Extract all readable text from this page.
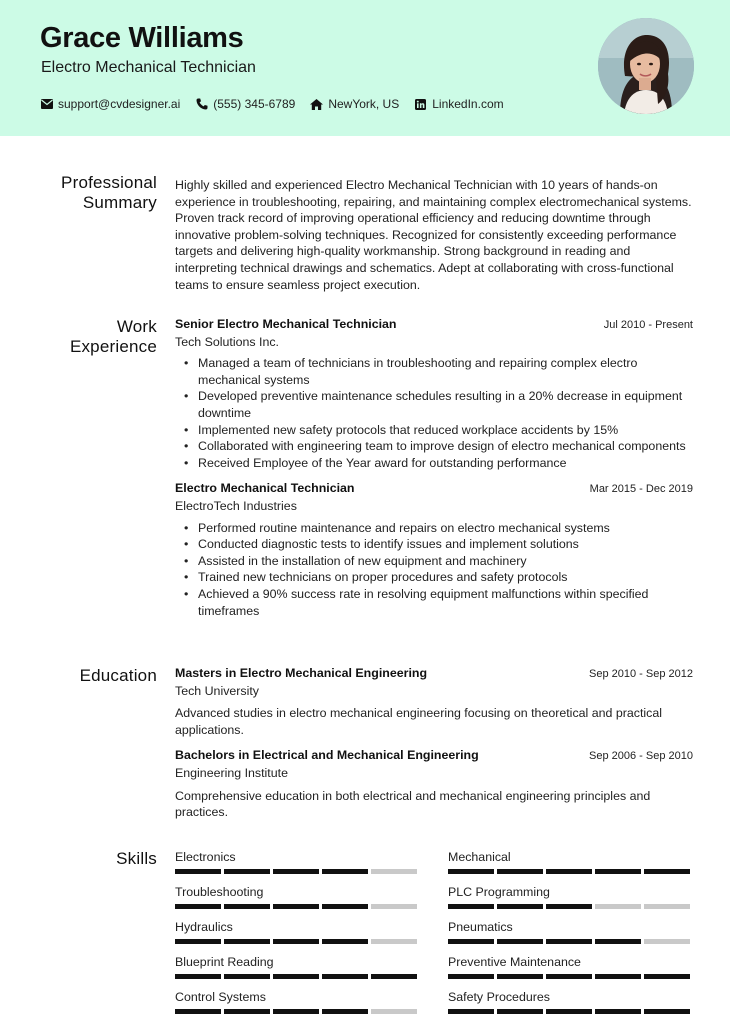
Grace Williams
Electro Mechanical Technician
support@cvdesigner.ai	(555) 345-6789	NewYork, US	LinkedIn.com
Professional
Summary
Highly skilled and experienced Electro Mechanical Technician with 10 years of hands-on experience in troubleshooting, repairing, and maintaining complex electromechanical systems. Proven track record of improving operational efficiency and reducing downtime through innovative problem-solving techniques. Recognized for consistently exceeding performance targets and delivering high-quality workmanship. Strong background in reading and interpreting technical drawings and schematics. Adept at collaborating with cross-functional teams to ensure seamless project execution.
Work
Experience
Senior Electro Mechanical Technician	Jul 2010 - Present
Tech Solutions Inc.
• Managed a team of technicians in troubleshooting and repairing complex electro mechanical systems
• Developed preventive maintenance schedules resulting in a 20% decrease in equipment downtime
• Implemented new safety protocols that reduced workplace accidents by 15%
• Collaborated with engineering team to improve design of electro mechanical components
• Received Employee of the Year award for outstanding performance
Electro Mechanical Technician	Mar 2015 - Dec 2019
ElectroTech Industries
• Performed routine maintenance and repairs on electro mechanical systems
• Conducted diagnostic tests to identify issues and implement solutions
• Assisted in the installation of new equipment and machinery
• Trained new technicians on proper procedures and safety protocols
• Achieved a 90% success rate in resolving equipment malfunctions within specified timeframes
Education Masters in Electro Mechanical Engineering	Sep 2010 - Sep 2012
Tech University
Advanced studies in electro mechanical engineering focusing on theoretical and practical applications.
Bachelors in Electrical and Mechanical Engineering	Sep 2006 - Sep 2010
Engineering Institute
Comprehensive education in both electrical and mechanical engineering principles and practices.
Skills Electronics	Mechanical
Troubleshooting	PLC Programming
Hydraulics	Pneumatics
Blueprint Reading	Preventive Maintenance
Control Systems	Safety Procedures
